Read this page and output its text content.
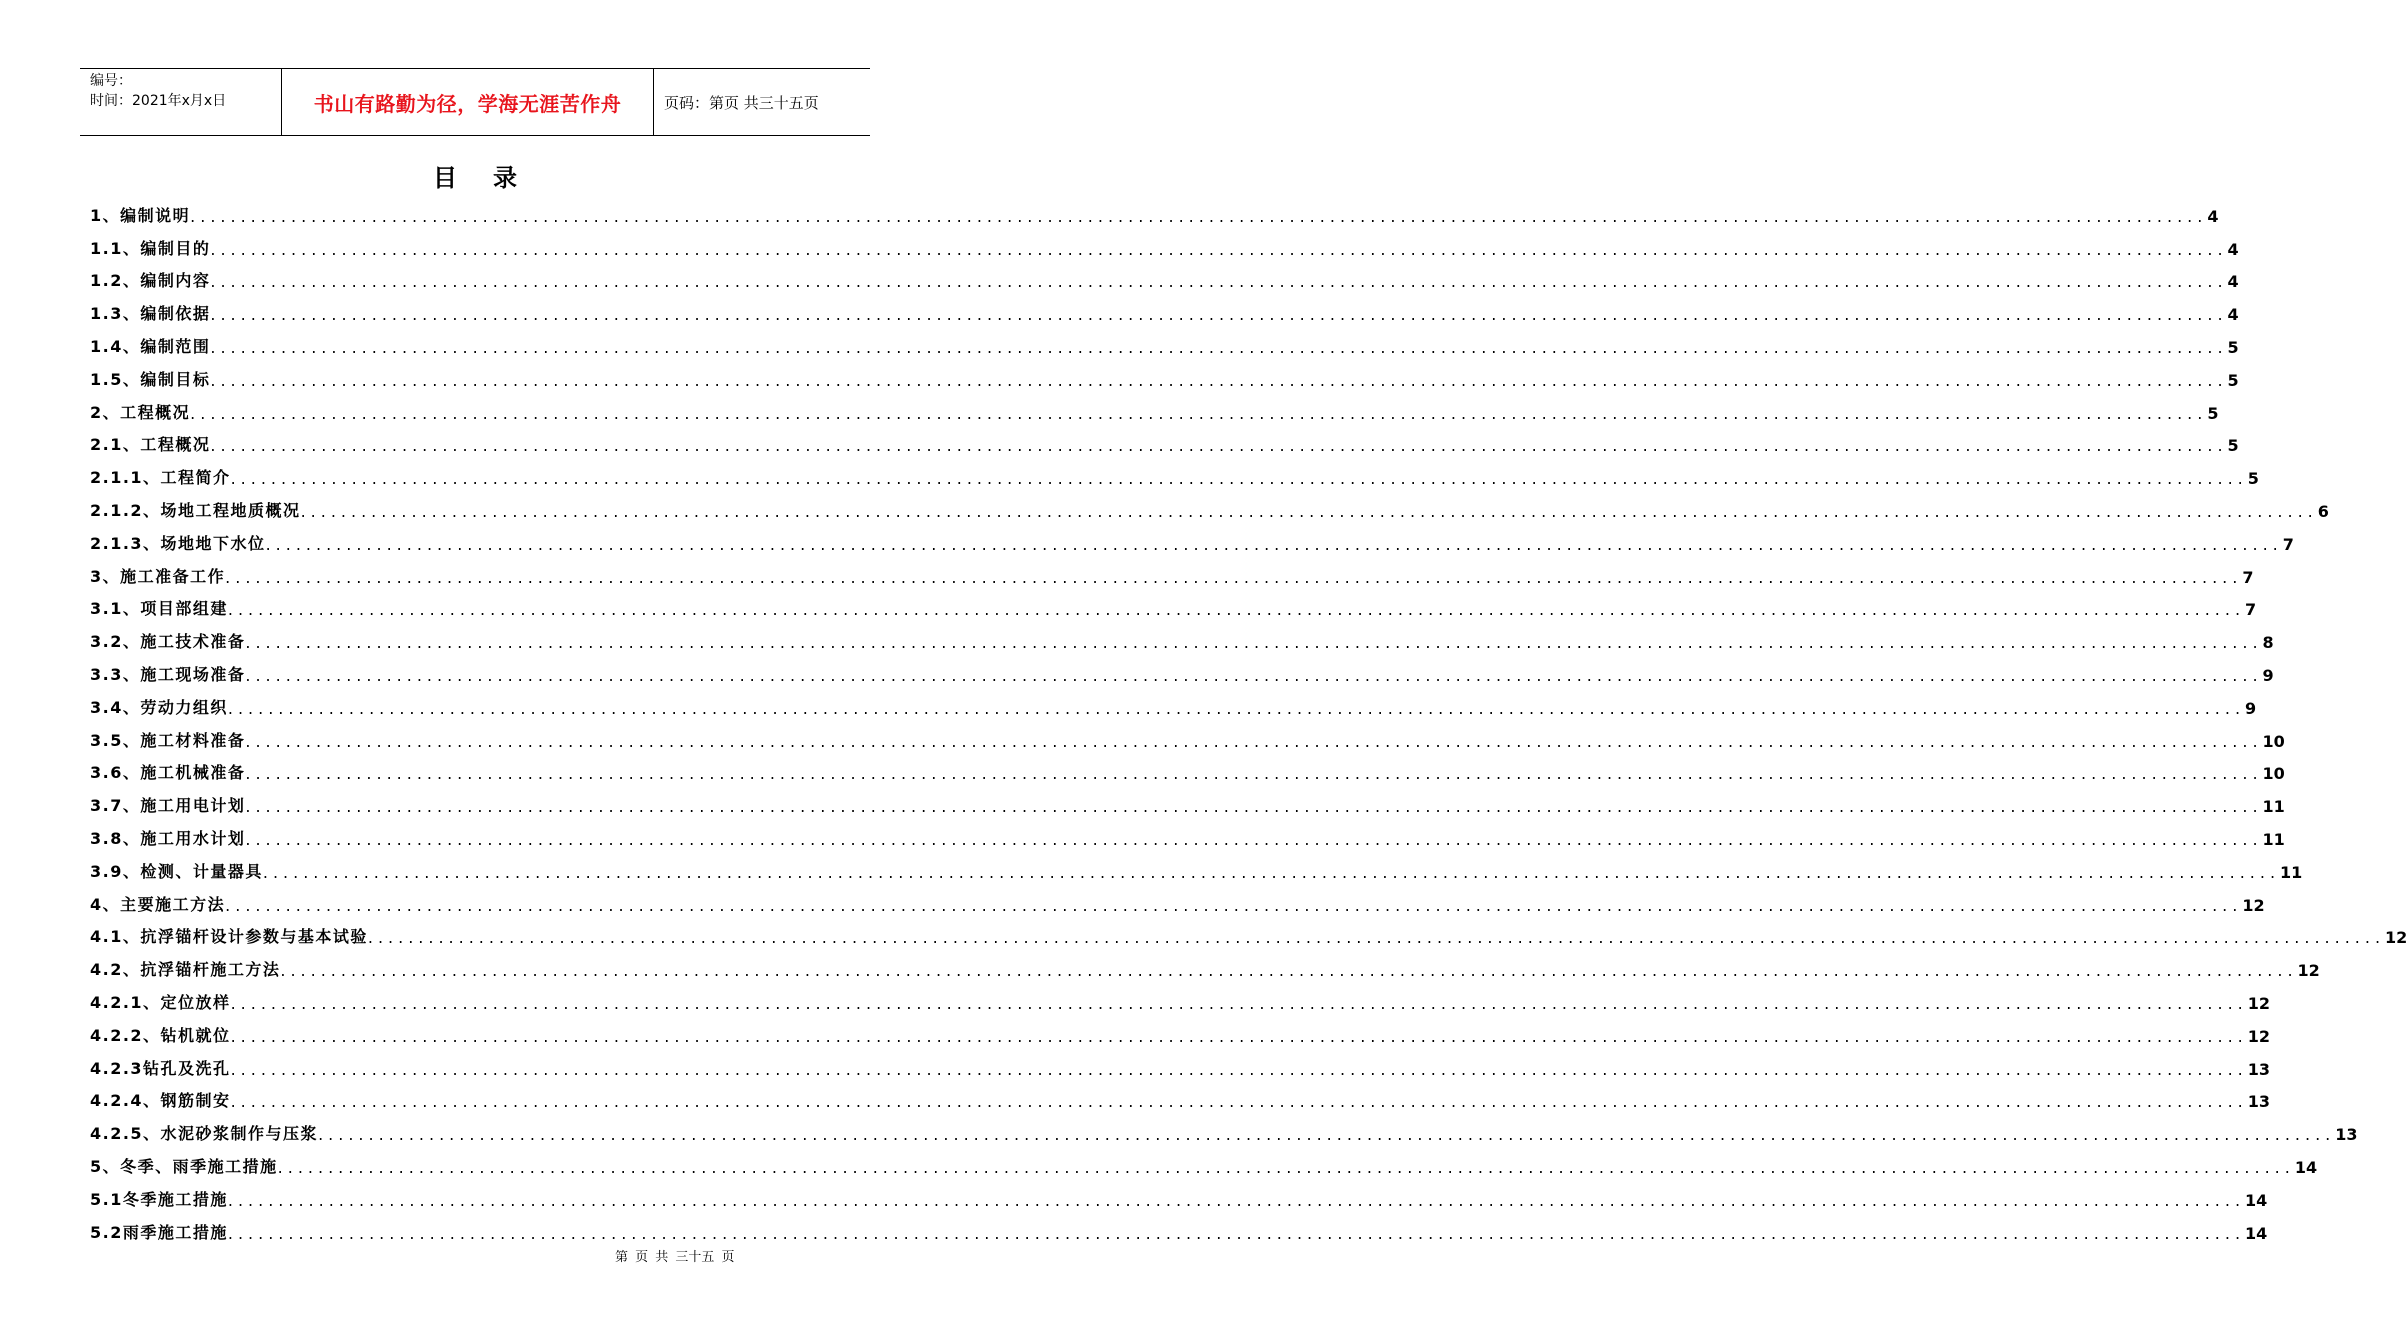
编号：
时间：2021年x月x日	书山有路勤为径，学海无涯苦作舟	页码：第页 共三十五页
目录
1、编制说明 ........................................................................................................................................................................................................ 4
1.1、编制目的 ........................................................................................................................................................................................................ 4
1.2、编制内容 ........................................................................................................................................................................................................ 4
1.3、编制依据 ........................................................................................................................................................................................................ 4
1.4、编制范围 ........................................................................................................................................................................................................ 5
1.5、编制目标 ........................................................................................................................................................................................................ 5
2、工程概况 ........................................................................................................................................................................................................ 5
2.1、工程概况 ........................................................................................................................................................................................................ 5
2.1.1、工程简介 ........................................................................................................................................................................................................ 5
2.1.2、场地工程地质概况 ........................................................................................................................................................................................................ 6
2.1.3、场地地下水位 ........................................................................................................................................................................................................ 7
3、施工准备工作 ........................................................................................................................................................................................................ 7
3.1、项目部组建 ........................................................................................................................................................................................................ 7
3.2、施工技术准备 ........................................................................................................................................................................................................ 8
3.3、施工现场准备 ........................................................................................................................................................................................................ 9
3.4、劳动力组织 ........................................................................................................................................................................................................ 9
3.5、施工材料准备 ........................................................................................................................................................................................................ 10
3.6、施工机械准备 ........................................................................................................................................................................................................ 10
3.7、施工用电计划 ........................................................................................................................................................................................................ 11
3.8、施工用水计划 ........................................................................................................................................................................................................ 11
3.9、检测、计量器具 ........................................................................................................................................................................................................ 11
4、主要施工方法 ........................................................................................................................................................................................................ 12
4.1、抗浮锚杆设计参数与基本试验 ........................................................................................................................................................................................................ 12
4.2、抗浮锚杆施工方法 ........................................................................................................................................................................................................ 12
4.2.1、定位放样 ........................................................................................................................................................................................................ 12
4.2.2、钻机就位 ........................................................................................................................................................................................................ 12
4.2.3钻孔及洗孔 ........................................................................................................................................................................................................ 13
4.2.4、钢筋制安 ........................................................................................................................................................................................................ 13
4.2.5、水泥砂浆制作与压浆 ........................................................................................................................................................................................................ 13
5、冬季、雨季施工措施 ........................................................................................................................................................................................................ 14
5.1冬季施工措施 ........................................................................................................................................................................................................ 14
5.2雨季施工措施 ........................................................................................................................................................................................................ 14
第 页 共 三十五 页
